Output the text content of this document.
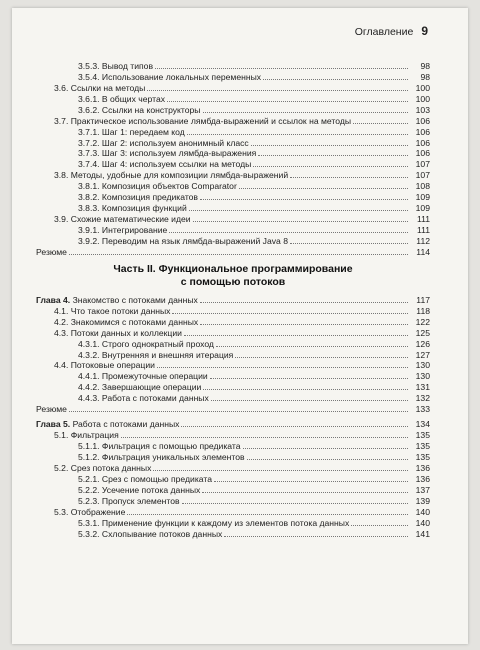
Оглавление 9
3.5.3. Вывод типов	98
3.5.4. Использование локальных переменных	98
3.6. Ссылки на методы	100
3.6.1. В общих чертах	100
3.6.2. Ссылки на конструкторы	103
3.7. Практическое использование лямбда-выражений и ссылок на методы	106
3.7.1. Шаг 1: передаем код	106
3.7.2. Шаг 2: используем анонимный класс	106
3.7.3. Шаг 3: используем лямбда-выражения	106
3.7.4. Шаг 4: используем ссылки на методы	107
3.8. Методы, удобные для композиции лямбда-выражений	107
3.8.1. Композиция объектов Comparator	108
3.8.2. Композиция предикатов	109
3.8.3. Композиция функций	109
3.9. Схожие математические идеи	111
3.9.1. Интегрирование	111
3.9.2. Переводим на язык лямбда-выражений Java 8	112
Резюме	114
Часть II. Функциональное программирование
с помощью потоков
Глава 4. Знакомство с потоками данных	117
4.1. Что такое потоки данных	118
4.2. Знакомимся с потоками данных	122
4.3. Потоки данных и коллекции	125
4.3.1. Строго однократный проход	126
4.3.2. Внутренняя и внешняя итерация	127
4.4. Потоковые операции	130
4.4.1. Промежуточные операции	130
4.4.2. Завершающие операции	131
4.4.3. Работа с потоками данных	132
Резюме	133
Глава 5. Работа с потоками данных	134
5.1. Фильтрация	135
5.1.1. Фильтрация с помощью предиката	135
5.1.2. Фильтрация уникальных элементов	135
5.2. Срез потока данных	136
5.2.1. Срез с помощью предиката	136
5.2.2. Усечение потока данных	137
5.2.3. Пропуск элементов	139
5.3. Отображение	140
5.3.1. Применение функции к каждому из элементов потока данных	140
5.3.2. Схлопывание потоков данных	141
